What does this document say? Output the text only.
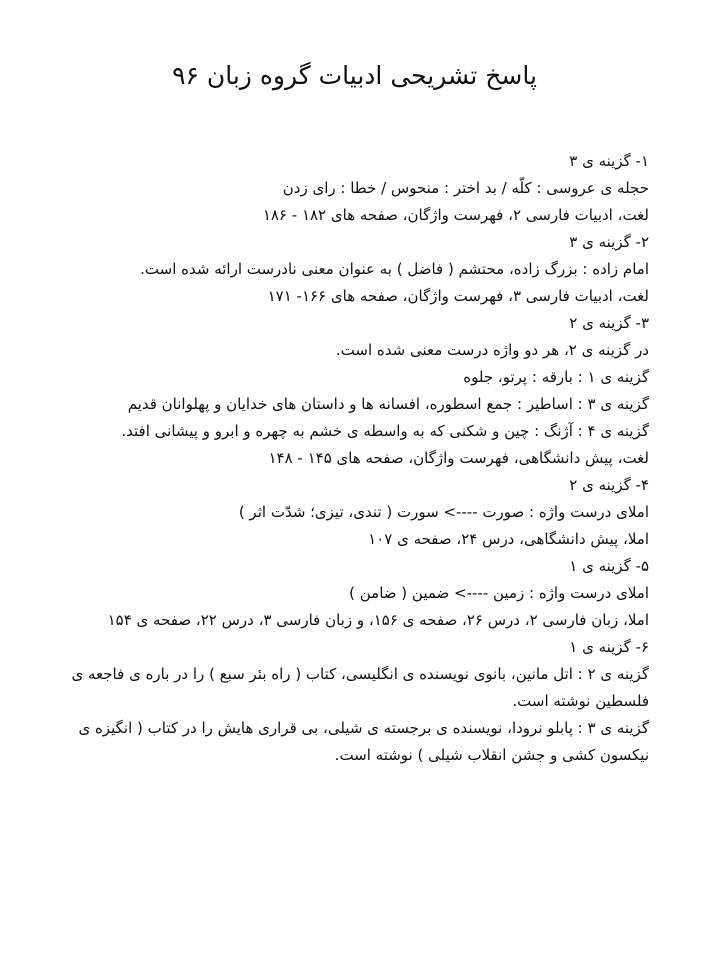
پاسخ تشریحی ادبیات گروه زبان ۹۶

۱- گزینه ی ۳

حجله ی عروسی : کلّه / بد اختر : منحوس / خطا : رای زدن

لغت، ادبیات فارسی ۲، فهرست واژگان، صفحه های ۱۸۲ - ۱۸۶

۲- گزینه ی ۳

امام زاده : بزرگ زاده، محتشم ( فاضل ) به عنوان معنی نادرست ارائه شده است.

لغت، ادبیات فارسی ۳، فهرست واژگان، صفحه های ۱۶۶- ۱۷۱

۳- گزینه ی ۲

در گزینه ی ۲، هر دو واژه درست معنی شده است.

گزینه ی ۱ : بارقه : پرتو، جلوه

گزینه ی ۳ : اساطیر : جمع اسطوره، افسانه ها و داستان های خدایان و پهلوانان قدیم

گزینه ی ۴ : آژنگ : چین و شکنی که به واسطه ی خشم به چهره و ابرو و پیشانی افتد.

لغت، پیش دانشگاهی، فهرست واژگان، صفحه های ۱۴۵ - ۱۴۸

۴- گزینه ی ۲

املای درست واژه : صورت ----> سورت ( تندی، تیزی؛ شدّت اثر )

املا، پیش دانشگاهی، درس ۲۴، صفحه ی ۱۰۷

۵- گزینه ی ۱

املای درست واژه : زمین ----> ضمین ( ضامن )

املا، زبان فارسی ۲، درس ۲۶، صفحه ی ۱۵۶، و زبان فارسی ۳، درس ۲۲، صفحه ی ۱۵۴

۶- گزینه ی ۱

گزینه ی ۲ : اتل مانین، بانوی نویسنده ی انگلیسی، کتاب ( راه بئر سبع ) را در باره ی فاجعه ی فلسطین نوشته است.

گزینه ی ۳ : پابلو نرودا، نویسنده ی برجسته ی شیلی، بی قراری هایش را در کتاب ( انگیزه ی نیکسون کشی و جشن انقلاب شیلی ) نوشته است.
